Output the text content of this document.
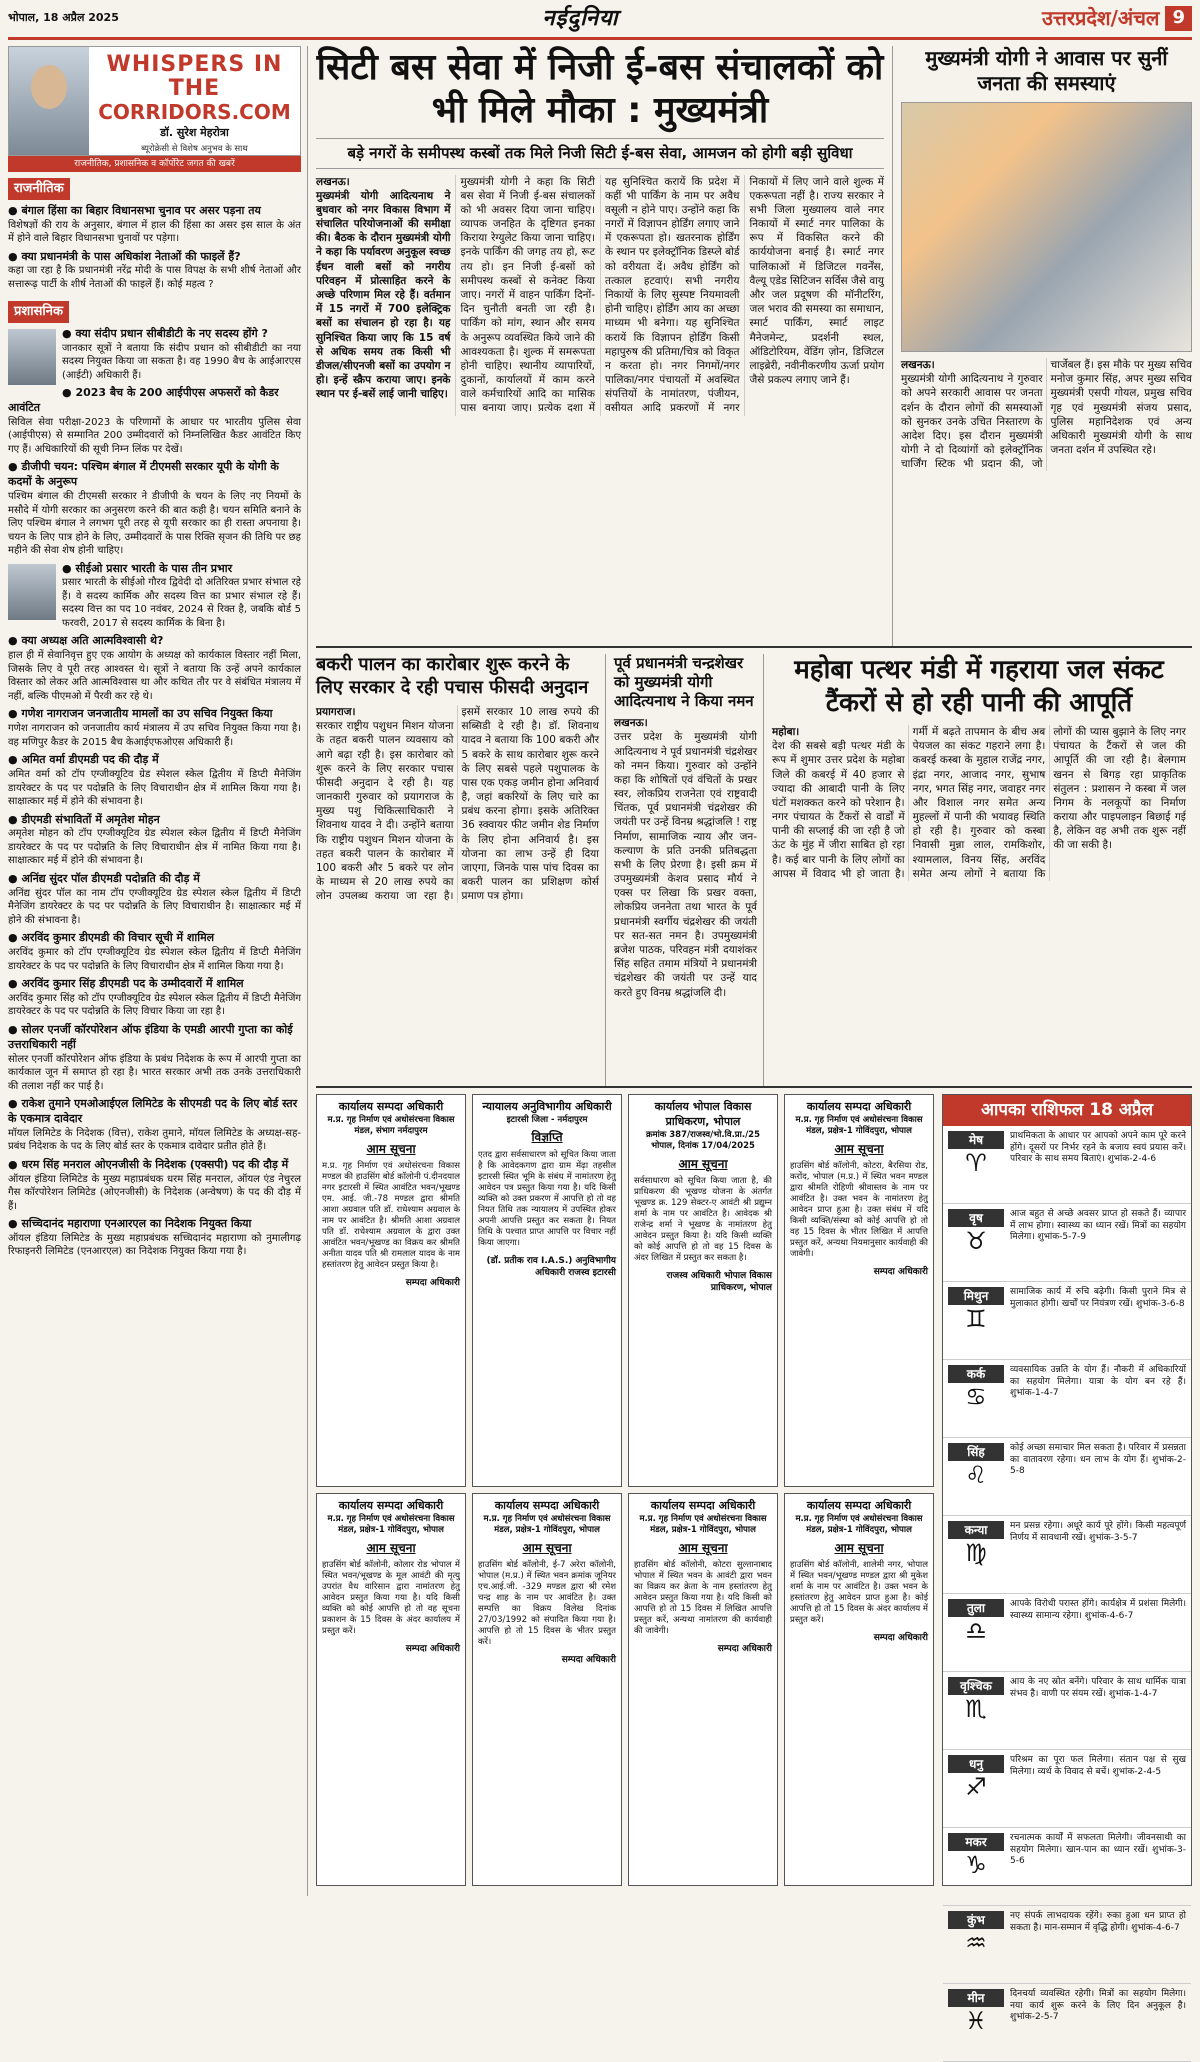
भोपाल, 18 अप्रैल 2025	नईदुनिया	उत्तरप्रदेश/अंचल 9
WHISPERS IN THE
CORRIDORS.COM
डॉ. सुरेश मेहरोत्रा
ब्यूरोक्रेसी से विशेष अनुभव के साथ
राजनीतिक, प्रशासनिक व कॉर्पोरेट जगत की खबरें
राजनीतिक
● बंगाल हिंसा का बिहार विधानसभा चुनाव पर असर पड़ना तय

विशेषज्ञों की राय के अनुसार, बंगाल में हाल की हिंसा का असर इस साल के अंत में होने वाले बिहार विधानसभा चुनावों पर पड़ेगा।

● क्या प्रधानमंत्री के पास अधिकांश नेताओं की फाइलें हैं?

कहा जा रहा है कि प्रधानमंत्री नरेंद्र मोदी के पास विपक्ष के सभी शीर्ष नेताओं और सत्तारूढ़ पार्टी के शीर्ष नेताओं की फाइलें हैं। कोई महत्व ?

प्रशासनिक
● क्या संदीप प्रधान सीबीडीटी के नए सदस्य होंगे ?

जानकार सूत्रों ने बताया कि संदीप प्रधान को सीबीडीटी का नया सदस्य नियुक्त किया जा सकता है। वह 1990 बैच के आईआरएस (आईटी) अधिकारी हैं।

● 2023 बैच के 200 आईपीएस अफसरों को कैडर आवंटित

सिविल सेवा परीक्षा-2023 के परिणामों के आधार पर भारतीय पुलिस सेवा (आईपीएस) से सम्मानित 200 उम्मीदवारों को निम्नलिखित कैडर आवंटित किए गए हैं। अधिकारियों की सूची निम्न लिंक पर देखें।

● डीजीपी चयन: पश्चिम बंगाल में टीएमसी सरकार यूपी के योगी के कदमों के अनुरूप

पश्चिम बंगाल की टीएमसी सरकार ने डीजीपी के चयन के लिए नए नियमों के मसौदे में योगी सरकार का अनुसरण करने की बात कही है। चयन समिति बनाने के लिए पश्चिम बंगाल ने लगभग पूरी तरह से यूपी सरकार का ही रास्ता अपनाया है। चयन के लिए पात्र होने के लिए, उम्मीदवारों के पास रिक्ति सृजन की तिथि पर छह महीने की सेवा शेष होनी चाहिए।

● सीईओ प्रसार भारती के पास तीन प्रभार

प्रसार भारती के सीईओ गौरव द्विवेदी दो अतिरिक्त प्रभार संभाल रहे हैं। वे सदस्य कार्मिक और सदस्य वित्त का प्रभार संभाल रहे हैं। सदस्य वित्त का पद 10 नवंबर, 2024 से रिक्त है, जबकि बोर्ड 5 फरवरी, 2017 से सदस्य कार्मिक के बिना है।

● क्या अध्यक्ष अति आत्मविश्वासी थे?

हाल ही में सेवानिवृत्त हुए एक आयोग के अध्यक्ष को कार्यकाल विस्तार नहीं मिला, जिसके लिए वे पूरी तरह आश्वस्त थे। सूत्रों ने बताया कि उन्हें अपने कार्यकाल विस्तार को लेकर अति आत्मविश्वास था और कथित तौर पर वे संबंधित मंत्रालय में नहीं, बल्कि पीएमओ में पैरवी कर रहे थे।

● गणेश नागराजन जनजातीय मामलों का उप सचिव नियुक्त किया

गणेश नागराजन को जनजातीय कार्य मंत्रालय में उप सचिव नियुक्त किया गया है। वह मणिपुर कैडर के 2015 बैच केआईएफओएस अधिकारी हैं।

● अमित वर्मा डीएमडी पद की दौड़ में

अमित वर्मा को टॉप एग्जीक्यूटिव ग्रेड स्पेशल स्केल द्वितीय में डिप्टी मैनेजिंग डायरेक्टर के पद पर पदोन्नति के लिए विचाराधीन क्षेत्र में शामिल किया गया है। साक्षात्कार मई में होने की संभावना है।

● डीएमडी संभावितों में अमृतेश मोहन

अमृतेश मोहन को टॉप एग्जीक्यूटिव ग्रेड स्पेशल स्केल द्वितीय में डिप्टी मैनेजिंग डायरेक्टर के पद पर पदोन्नति के लिए विचाराधीन क्षेत्र में नामित किया गया है। साक्षात्कार मई में होने की संभावना है।

● अनिंद्य सुंदर पॉल डीएमडी पदोन्नति की दौड़ में

अनिंद्य सुंदर पॉल का नाम टॉप एग्जीक्यूटिव ग्रेड स्पेशल स्केल द्वितीय में डिप्टी मैनेजिंग डायरेक्टर के पद पर पदोन्नति के लिए विचाराधीन है। साक्षात्कार मई में होने की संभावना है।

● अरविंद कुमार डीएमडी की विचार सूची में शामिल

अरविंद कुमार को टॉप एग्जीक्यूटिव ग्रेड स्पेशल स्केल द्वितीय में डिप्टी मैनेजिंग डायरेक्टर के पद पर पदोन्नति के लिए विचाराधीन क्षेत्र में शामिल किया गया है।

● अरविंद कुमार सिंह डीएमडी पद के उम्मीदवारों में शामिल

अरविंद कुमार सिंह को टॉप एग्जीक्यूटिव ग्रेड स्पेशल स्केल द्वितीय में डिप्टी मैनेजिंग डायरेक्टर के पद पर पदोन्नति के लिए विचार किया जा रहा है।

● सोलर एनर्जी कॉरपोरेशन ऑफ इंडिया के एमडी आरपी गुप्ता का कोई उत्तराधिकारी नहीं

सोलर एनर्जी कॉरपोरेशन ऑफ इंडिया के प्रबंध निदेशक के रूप में आरपी गुप्ता का कार्यकाल जून में समाप्त हो रहा है। भारत सरकार अभी तक उनके उत्तराधिकारी की तलाश नहीं कर पाई है।

● राकेश तुमाने एमओआईएल लिमिटेड के सीएमडी पद के लिए बोर्ड स्तर के एकमात्र दावेदार

मॉयल लिमिटेड के निदेशक (वित्त), राकेश तुमाने, मॉयल लिमिटेड के अध्यक्ष-सह-प्रबंध निदेशक के पद के लिए बोर्ड स्तर के एकमात्र दावेदार प्रतीत होते हैं।

● धरम सिंह मनराल ओएनजीसी के निदेशक (एक्सपी) पद की दौड़ में

ऑयल इंडिया लिमिटेड के मुख्य महाप्रबंधक धरम सिंह मनराल, ऑयल एंड नेचुरल गैस कॉरपोरेशन लिमिटेड (ओएनजीसी) के निदेशक (अन्वेषण) के पद की दौड़ में हैं।

● सच्चिदानंद महाराणा एनआरएल का निदेशक नियुक्त किया

ऑयल इंडिया लिमिटेड के मुख्य महाप्रबंधक सच्चिदानंद महाराणा को नुमालीगढ़ रिफाइनरी लिमिटेड (एनआरएल) का निदेशक नियुक्त किया गया है।

सिटी बस सेवा में निजी ई-बस संचालकों को भी मिले मौका : मुख्यमंत्री
बड़े नगरों के समीपस्थ कस्बों तक मिले निजी सिटी ई-बस सेवा, आमजन को होगी बड़ी सुविधा
लखनऊ।

मुख्यमंत्री योगी आदित्यनाथ ने बुधवार को नगर विकास विभाग में संचालित परियोजनाओं की समीक्षा की। बैठक के दौरान मुख्यमंत्री योगी ने कहा कि पर्यावरण अनुकूल स्वच्छ ईंधन वाली बसों को नगरीय परिवहन में प्रोत्साहित करने के अच्छे परिणाम मिल रहे हैं। वर्तमान में 15 नगरों में 700 इलेक्ट्रिक बसों का संचालन हो रहा है। यह सुनिश्चित किया जाए कि 15 वर्ष से अधिक समय तक किसी भी डीजल/सीएनजी बसों का उपयोग न हो। इन्हें स्क्रैप कराया जाए। इनके स्थान पर ई-बसें लाई जानी चाहिए।

मुख्यमंत्री योगी ने कहा कि सिटी बस सेवा में निजी ई-बस संचालकों को भी अवसर दिया जाना चाहिए। व्यापक जनहित के दृष्टिगत इनका किराया रेग्युलेट किया जाना चाहिए। इनके पार्किंग की जगह तय हो, रूट तय हो। इन निजी ई-बसों को समीपस्थ कस्बों से कनेक्ट किया जाए। नगरों में वाहन पार्किंग दिनों-दिन चुनौती बनती जा रही है। पार्किंग को मांग, स्थान और समय के अनुरूप व्यवस्थित किये जाने की आवश्यकता है। शुल्क में समरूपता होनी चाहिए। स्थानीय व्यापारियों, दुकानों, कार्यालयों में काम करने वाले कर्मचारियों आदि का मासिक पास बनाया जाए। प्रत्येक दशा में यह सुनिश्चित करायें कि प्रदेश में कहीं भी पार्किंग के नाम पर अवैध वसूली न होने पाए। उन्होंने कहा कि नगरों में विज्ञापन होर्डिंग लगाए जाने में एकरूपता हो। खतरनाक होर्डिंग के स्थान पर इलेक्ट्रॉनिक डिस्प्ले बोर्ड को वरीयता दें। अवैध होर्डिंग को तत्काल हटवाएं। सभी नगरीय निकायों के लिए सुस्पष्ट नियमावली होनी चाहिए। होर्डिंग आय का अच्छा माध्यम भी बनेगा। यह सुनिश्चित करायें कि विज्ञापन होर्डिंग किसी महापुरुष की प्रतिमा/चित्र को विकृत न करता हो। नगर निगमों/नगर पालिका/नगर पंचायतों में अवस्थित संपत्तियों के नामांतरण, पंजीयन, वसीयत आदि प्रकरणों में नगर निकायों में लिए जाने वाले शुल्क में एकरूपता नहीं है। राज्य सरकार ने सभी जिला मुख्यालय वाले नगर निकायों में स्मार्ट नगर पालिका के रूप में विकसित करने की कार्ययोजना बनाई है। स्मार्ट नगर पालिकाओं में डिजिटल गवर्नेंस, वैल्यू एडेड सिटिजन सर्विस जैसे वायु और जल प्रदूषण की मॉनीटरिंग, जल भराव की समस्या का समाधान, स्मार्ट पार्किंग, स्मार्ट लाइट मैनेजमेन्ट, प्रदर्शनी स्थल, ऑडिटोरियम, वेंडिंग ज़ोन, डिजिटल लाइब्रेरी, नवीनीकरणीय ऊर्जा प्रयोग जैसे प्रकल्प लगाए जाने हैं।

मुख्यमंत्री योगी ने आवास पर सुनीं जनता की समस्याएं
लखनऊ।

मुख्यमंत्री योगी आदित्यनाथ ने गुरुवार को अपने सरकारी आवास पर जनता दर्शन के दौरान लोगों की समस्याओं को सुनकर उनके उचित निस्तारण के आदेश दिए। इस दौरान मुख्यमंत्री योगी ने दो दिव्यांगों को इलेक्ट्रॉनिक चार्जिंग स्टिक भी प्रदान की, जो चार्जेबल हैं। इस मौके पर मुख्य सचिव मनोज कुमार सिंह, अपर मुख्य सचिव मुख्यमंत्री एसपी गोयल, प्रमुख सचिव गृह एवं मुख्यमंत्री संजय प्रसाद, पुलिस महानिदेशक एवं अन्य अधिकारी मुख्यमंत्री योगी के साथ जनता दर्शन में उपस्थित रहे।

बकरी पालन का कारोबार शुरू करने के लिए सरकार दे रही पचास फीसदी अनुदान
प्रयागराज।

सरकार राष्ट्रीय पशुधन मिशन योजना के तहत बकरी पालन व्यवसाय को आगे बढ़ा रही है। इस कारोबार को शुरू करने के लिए सरकार पचास फीसदी अनुदान दे रही है। यह जानकारी गुरुवार को प्रयागराज के मुख्य पशु चिकित्साधिकारी ने शिवनाथ यादव ने दी। उन्होंने बताया कि राष्ट्रीय पशुधन मिशन योजना के तहत बकरी पालन के कारोबार में 100 बकरी और 5 बकरे पर लोन के माध्यम से 20 लाख रुपये का लोन उपलब्ध कराया जा रहा है। इसमें सरकार 10 लाख रुपये की सब्सिडी दे रही है। डॉ. शिवनाथ यादव ने बताया कि 100 बकरी और 5 बकरे के साथ कारोबार शुरू करने के लिए सबसे पहले पशुपालक के पास एक एकड़ जमीन होना अनिवार्य है, जहां बकरियों के लिए चारे का प्रबंध करना होगा। इसके अतिरिक्त 36 स्क्वायर फीट जमीन शेड निर्माण के लिए होना अनिवार्य है। इस योजना का लाभ उन्हें ही दिया जाएगा, जिनके पास पांच दिवस का बकरी पालन का प्रशिक्षण कोर्स प्रमाण पत्र होगा।

पूर्व प्रधानमंत्री चन्द्रशेखर को मुख्यमंत्री योगी आदित्यनाथ ने किया नमन
लखनऊ।

उत्तर प्रदेश के मुख्यमंत्री योगी आदित्यनाथ ने पूर्व प्रधानमंत्री चंद्रशेखर को नमन किया। गुरुवार को उन्होंने कहा कि शोषितों एवं वंचितों के प्रखर स्वर, लोकप्रिय राजनेता एवं राष्ट्रवादी चिंतक, पूर्व प्रधानमंत्री चंद्रशेखर की जयंती पर उन्हें विनम्र श्रद्धांजलि ! राष्ट्र निर्माण, सामाजिक न्याय और जन-कल्याण के प्रति उनकी प्रतिबद्धता सभी के लिए प्रेरणा है। इसी क्रम में उपमुख्यमंत्री केशव प्रसाद मौर्य ने एक्स पर लिखा कि प्रखर वक्ता, लोकप्रिय जननेता तथा भारत के पूर्व प्रधानमंत्री स्वर्गीय चंद्रशेखर की जयंती पर सत-सत नमन है। उपमुख्यमंत्री ब्रजेश पाठक, परिवहन मंत्री दयाशंकर सिंह सहित तमाम मंत्रियों ने प्रधानमंत्री चंद्रशेखर की जयंती पर उन्हें याद करते हुए विनम्र श्रद्धांजलि दी।

महोबा पत्थर मंडी में गहराया जल संकट टैंकरों से हो रही पानी की आपूर्ति
महोबा।

देश की सबसे बड़ी पत्थर मंडी के रूप में शुमार उत्तर प्रदेश के महोबा जिले की कबरई में 40 हजार से ज्यादा की आबादी पानी के लिए घंटों मशक्कत करने को परेशान है। नगर पंचायत के टैंकरों से वार्डों में पानी की सप्लाई की जा रही है जो ऊंट के मुंह में जीरा साबित हो रहा है। कई बार पानी के लिए लोगों का आपस में विवाद भी हो जाता है। गर्मी में बढ़ते तापमान के बीच अब पेयजल का संकट गहराने लगा है। कबरई कस्बा के मुहाल राजेंद्र नगर, इंद्रा नगर, आजाद नगर, सुभाष नगर, भगत सिंह नगर, जवाहर नगर और विशाल नगर समेत अन्य मुहल्लों में पानी की भयावह स्थिति हो रही है। गुरुवार को कस्बा निवासी मुन्ना लाल, रामकिशोर, श्यामलाल, विनय सिंह, अरविंद समेत अन्य लोगों ने बताया कि लोगों की प्यास बुझाने के लिए नगर पंचायत के टैंकरों से जल की आपूर्ति की जा रही है। बेलगाम खनन से बिगड़ रहा प्राकृतिक संतुलन : प्रशासन ने कस्बा में जल निगम के नलकूपों का निर्माण कराया और पाइपलाइन बिछाई गई है, लेकिन वह अभी तक शुरू नहीं की जा सकी है।

कार्यालय सम्पदा अधिकारी
म.प्र. गृह निर्माण एवं अधोसंरचना विकास मंडल, संभाग नर्मदापुरम
आम सूचना
म.प्र. गृह निर्माण एवं अधोसंरचना विकास मण्डल की हाउसिंग बोर्ड कॉलोनी पं.दीनदयाल नगर इटारसी में स्थित आवंटित भवन/भूखण्ड एम. आई. जी.-78 मण्डल द्वारा श्रीमति आशा अग्रवाल पति डॉ. राधेश्याम अग्रवाल के नाम पर आवंटित है। श्रीमति आशा अग्रवाल पति डॉ. राधेश्याम अग्रवाल के द्वारा उक्त आवंटित भवन/भूखण्ड का विक्रय कर श्रीमति अनीता यादव पति श्री रामलाल यादव के नाम हस्तांतरण हेतु आवेदन प्रस्तुत किया है।
सम्पदा अधिकारी
न्यायालय अनुविभागीय अधिकारी
इटारसी जिला - नर्मदापुरम
विज्ञप्ति
एतद द्वारा सर्वसाधारण को सूचित किया जाता है कि आवेदकगण द्वारा ग्राम मेंढ़ा तहसील इटारसी स्थित भूमि के संबंध में नामांतरण हेतु आवेदन पत्र प्रस्तुत किया गया है। यदि किसी व्यक्ति को उक्त प्रकरण में आपत्ति हो तो वह नियत तिथि तक न्यायालय में उपस्थित होकर अपनी आपत्ति प्रस्तुत कर सकता है। नियत तिथि के पश्चात प्राप्त आपत्ति पर विचार नहीं किया जाएगा।
(डॉ. प्रतीक राव I.A.S.) अनुविभागीय अधिकारी राजस्व इटारसी
कार्यालय भोपाल विकास प्राधिकरण, भोपाल
क्रमांक 387/राजस्व/भो.वि.प्रा./25 भोपाल, दिनांक 17/04/2025
आम सूचना
सर्वसाधारण को सूचित किया जाता है, की प्राधिकरण की भूखण्ड योजना के अंतर्गत भूखण्ड क्र. 129 सेक्टर-ए आवंटी श्री प्रद्युम्न शर्मा के नाम पर आवंटित है। आवेदक श्री राजेन्द्र शर्मा ने भूखण्ड के नामांतरण हेतु आवेदन प्रस्तुत किया है। यदि किसी व्यक्ति को कोई आपत्ति हो तो वह 15 दिवस के अंदर लिखित में प्रस्तुत कर सकता है।
राजस्व अधिकारी भोपाल विकास प्राधिकरण, भोपाल
कार्यालय सम्पदा अधिकारी
म.प्र. गृह निर्माण एवं अधोसंरचना विकास मंडल, प्रक्षेत्र-1 गोविंदपुरा, भोपाल
आम सूचना
हाउसिंग बोर्ड कॉलोनी, कोटरा, बैरसिया रोड, करोंद, भोपाल (म.प्र.) में स्थित भवन मण्डल द्वारा श्रीमति रोहिणी श्रीवास्तव के नाम पर आवंटित है। उक्त भवन के नामांतरण हेतु आवेदन प्राप्त हुआ है। उक्त संबंध में यदि किसी व्यक्ति/संस्था को कोई आपत्ति हो तो वह 15 दिवस के भीतर लिखित में आपत्ति प्रस्तुत करें, अन्यथा नियमानुसार कार्यवाही की जावेगी।
सम्पदा अधिकारी
कार्यालय सम्पदा अधिकारी
म.प्र. गृह निर्माण एवं अधोसंरचना विकास मंडल, प्रक्षेत्र-1 गोविंदपुरा, भोपाल
आम सूचना
हाउसिंग बोर्ड कॉलोनी, कोलार रोड भोपाल में स्थित भवन/भूखण्ड के मूल आवंटी की मृत्यु उपरांत वैध वारिसान द्वारा नामांतरण हेतु आवेदन प्रस्तुत किया गया है। यदि किसी व्यक्ति को कोई आपत्ति हो तो वह सूचना प्रकाशन के 15 दिवस के अंदर कार्यालय में प्रस्तुत करें।
सम्पदा अधिकारी
कार्यालय सम्पदा अधिकारी
म.प्र. गृह निर्माण एवं अधोसंरचना विकास मंडल, प्रक्षेत्र-1 गोविंदपुरा, भोपाल
आम सूचना
हाउसिंग बोर्ड कॉलोनी, ई-7 अरेरा कॉलोनी, भोपाल (म.प्र.) में स्थित भवन क्रमांक जूनियर एच.आई.जी. -329 मण्डल द्वारा श्री रमेश चन्द्र शाह के नाम पर आवंटित है। उक्त सम्पत्ति का विक्रय विलेख दिनांक 27/03/1992 को संपादित किया गया है। आपत्ति हो तो 15 दिवस के भीतर प्रस्तुत करें।
सम्पदा अधिकारी
कार्यालय सम्पदा अधिकारी
म.प्र. गृह निर्माण एवं अधोसंरचना विकास मंडल, प्रक्षेत्र-1 गोविंदपुरा, भोपाल
आम सूचना
हाउसिंग बोर्ड कॉलोनी, कोटरा सुल्तानाबाद भोपाल में स्थित भवन के आवंटी द्वारा भवन का विक्रय कर क्रेता के नाम हस्तांतरण हेतु आवेदन प्रस्तुत किया गया है। यदि किसी को आपत्ति हो तो 15 दिवस में लिखित आपत्ति प्रस्तुत करें, अन्यथा नामांतरण की कार्यवाही की जावेगी।
सम्पदा अधिकारी
कार्यालय सम्पदा अधिकारी
म.प्र. गृह निर्माण एवं अधोसंरचना विकास मंडल, प्रक्षेत्र-1 गोविंदपुरा, भोपाल
आम सूचना
हाउसिंग बोर्ड कॉलोनी, शालेमी नगर, भोपाल में स्थित भवन/भूखण्ड मण्डल द्वारा श्री मुकेश शर्मा के नाम पर आवंटित है। उक्त भवन के हस्तांतरण हेतु आवेदन प्राप्त हुआ है। कोई आपत्ति हो तो 15 दिवस के अंदर कार्यालय में प्रस्तुत करें।
सम्पदा अधिकारी
आपका राशिफल 18 अप्रैल
मेष
♈
प्राथमिकता के आधार पर आपको अपने काम पूरे करने होंगे। दूसरों पर निर्भर रहने के बजाय स्वयं प्रयास करें। परिवार के साथ समय बिताएं। शुभांक-2-4-6
वृष
♉
आज बहुत से अच्छे अवसर प्राप्त हो सकते हैं। व्यापार में लाभ होगा। स्वास्थ्य का ध्यान रखें। मित्रों का सहयोग मिलेगा। शुभांक-5-7-9
मिथुन
♊
सामाजिक कार्य में रुचि बढ़ेगी। किसी पुराने मित्र से मुलाकात होगी। खर्चों पर नियंत्रण रखें। शुभांक-3-6-8
कर्क
♋
व्यवसायिक उन्नति के योग हैं। नौकरी में अधिकारियों का सहयोग मिलेगा। यात्रा के योग बन रहे हैं। शुभांक-1-4-7
सिंह
♌
कोई अच्छा समाचार मिल सकता है। परिवार में प्रसन्नता का वातावरण रहेगा। धन लाभ के योग हैं। शुभांक-2-5-8
कन्या
♍
मन प्रसन्न रहेगा। अधूरे कार्य पूरे होंगे। किसी महत्वपूर्ण निर्णय में सावधानी रखें। शुभांक-3-5-7
तुला
♎
आपके विरोधी परास्त होंगे। कार्यक्षेत्र में प्रशंसा मिलेगी। स्वास्थ्य सामान्य रहेगा। शुभांक-4-6-7
वृश्चिक
♏
आय के नए स्रोत बनेंगे। परिवार के साथ धार्मिक यात्रा संभव है। वाणी पर संयम रखें। शुभांक-1-4-7
धनु
♐
परिश्रम का पूरा फल मिलेगा। संतान पक्ष से सुख मिलेगा। व्यर्थ के विवाद से बचें। शुभांक-2-4-5
मकर
♑
रचनात्मक कार्यों में सफलता मिलेगी। जीवनसाथी का सहयोग मिलेगा। खान-पान का ध्यान रखें। शुभांक-3-5-6
कुंभ
♒
नए संपर्क लाभदायक रहेंगे। रुका हुआ धन प्राप्त हो सकता है। मान-सम्मान में वृद्धि होगी। शुभांक-4-6-7
मीन
♓
दिनचर्या व्यवस्थित रहेगी। मित्रों का सहयोग मिलेगा। नया कार्य शुरू करने के लिए दिन अनुकूल है। शुभांक-2-5-7
